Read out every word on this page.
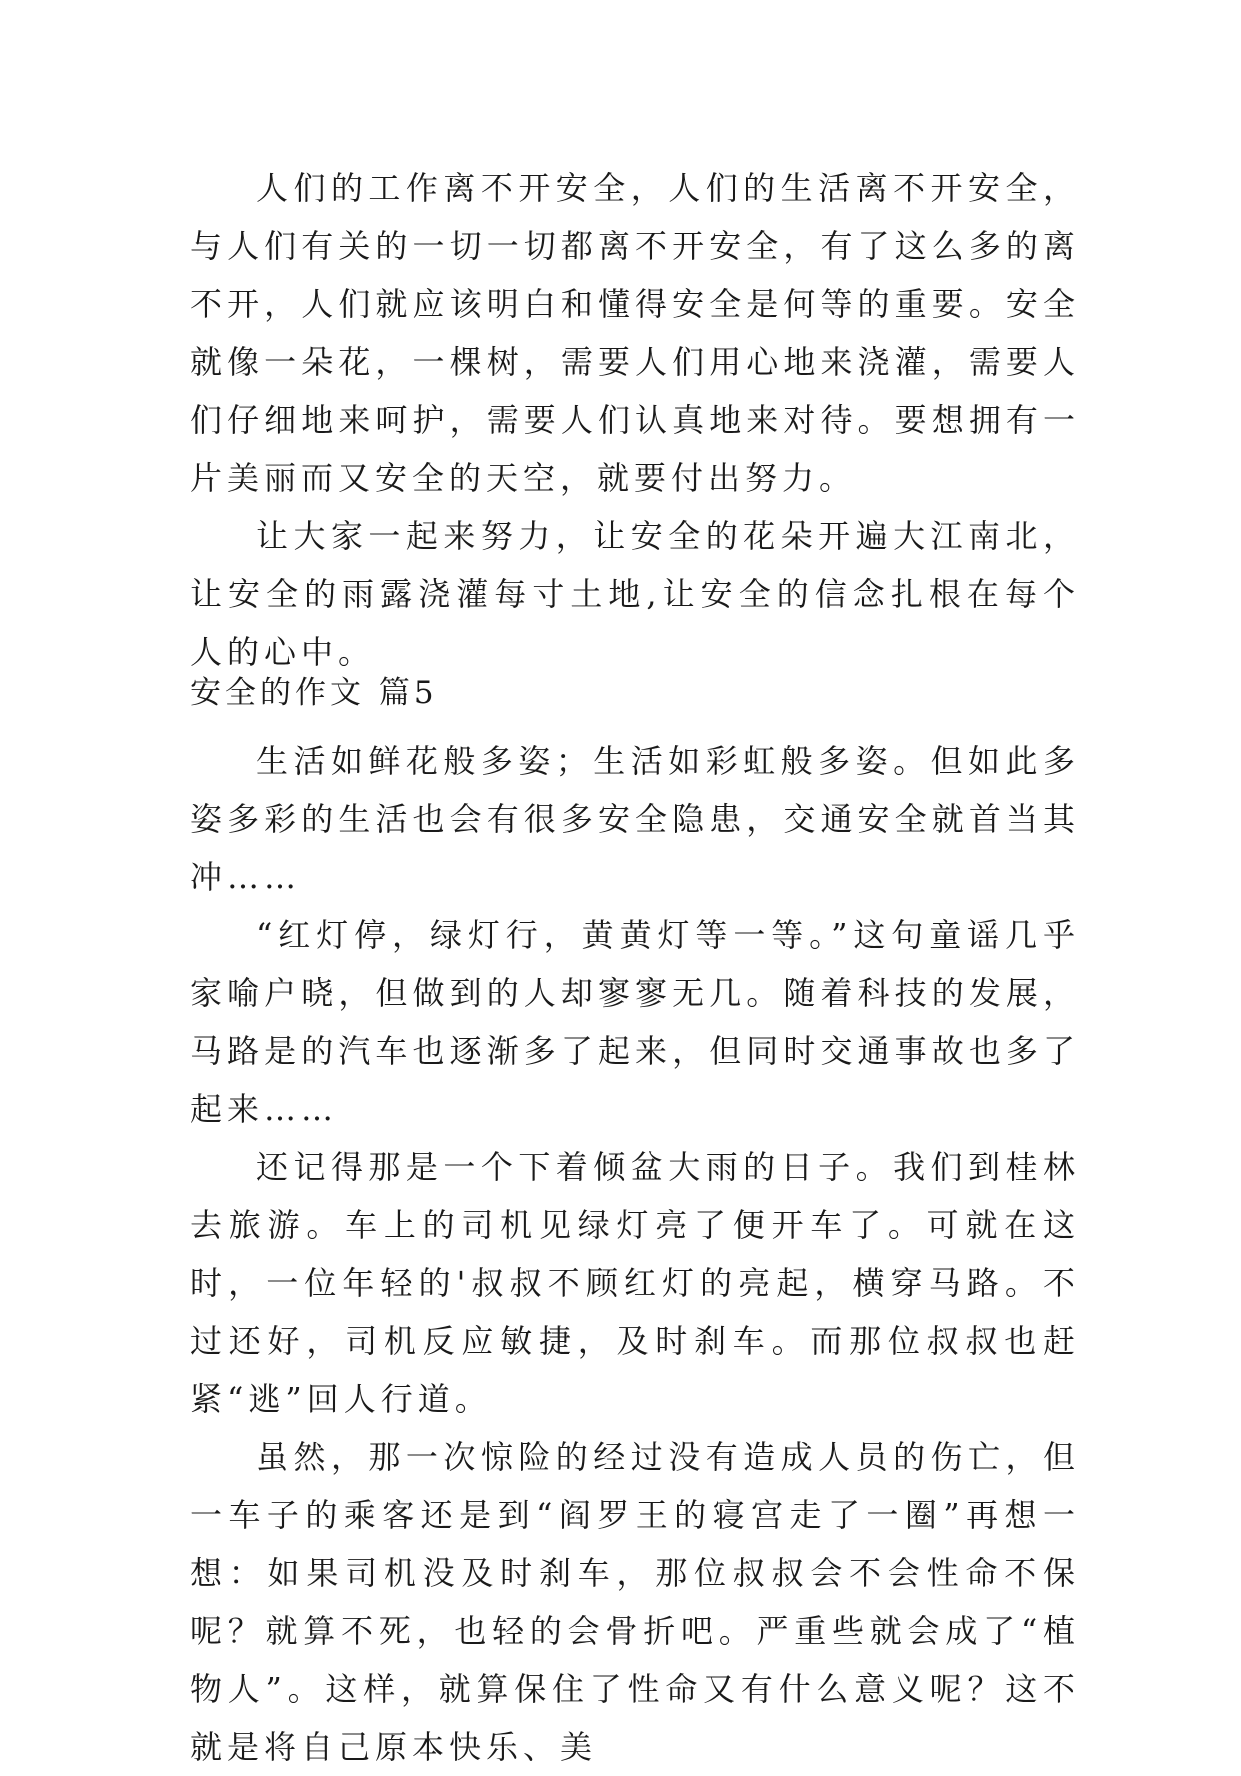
人们的工作离不开安全，人们的生活离不开安全，与人们有关的一切一切都离不开安全，有了这么多的离不开，人们就应该明白和懂得安全是何等的重要。安全就像一朵花，一棵树，需要人们用心地来浇灌，需要人们仔细地来呵护，需要人们认真地来对待。要想拥有一片美丽而又安全的天空，就要付出努力。

让大家一起来努力，让安全的花朵开遍大江南北，让安全的雨露浇灌每寸土地,让安全的信念扎根在每个人的心中。

安全的作文 篇5

生活如鲜花般多姿；生活如彩虹般多姿。但如此多姿多彩的生活也会有很多安全隐患，交通安全就首当其冲……

“红灯停，绿灯行，黄黄灯等一等。”这句童谣几乎家喻户晓，但做到的人却寥寥无几。随着科技的发展，马路是的汽车也逐渐多了起来，但同时交通事故也多了起来……

还记得那是一个下着倾盆大雨的日子。我们到桂林去旅游。车上的司机见绿灯亮了便开车了。可就在这时，一位年轻的'叔叔不顾红灯的亮起，横穿马路。不过还好，司机反应敏捷，及时刹车。而那位叔叔也赶紧“逃”回人行道。

虽然，那一次惊险的经过没有造成人员的伤亡，但一车子的乘客还是到“阎罗王的寝宫走了一圈”再想一想：如果司机没及时刹车，那位叔叔会不会性命不保呢？就算不死，也轻的会骨折吧。严重些就会成了“植物人”。这样，就算保住了性命又有什么意义呢？这不就是将自己原本快乐、美
